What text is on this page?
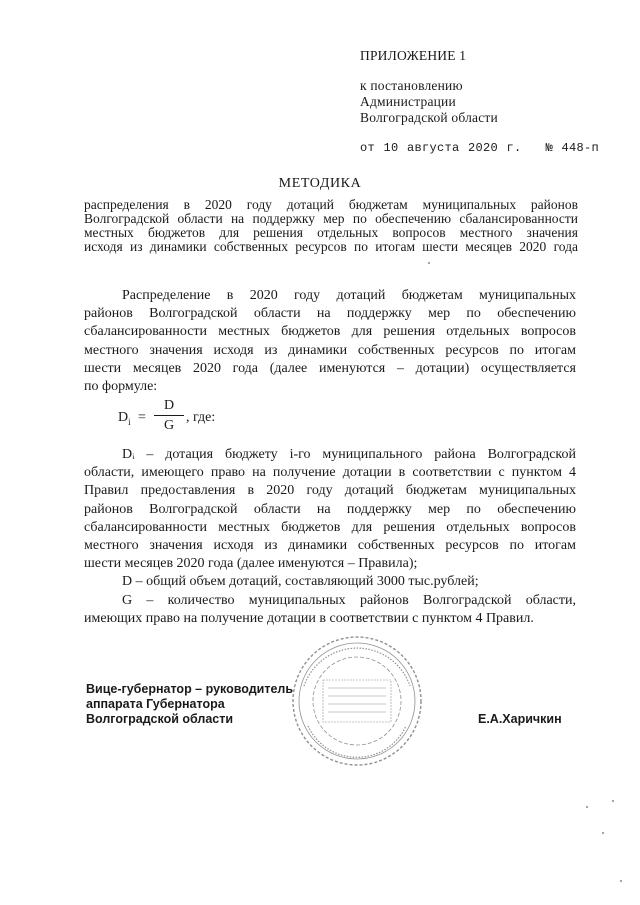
ПРИЛОЖЕНИЕ 1
к постановлению
Администрации
Волгоградской области
от 10 августа 2020 г. № 448-п
МЕТОДИКА
распределения в 2020 году дотаций бюджетам муниципальных районов
Волгоградской области на поддержку мер по обеспечению сбалансированности
местных бюджетов для решения отдельных вопросов местного значения
исходя из динамики собственных ресурсов по итогам шести месяцев 2020 года

Распределение в 2020 году дотаций бюджетам муниципальных
районов Волгоградской области на поддержку мер по обеспечению
сбалансированности местных бюджетов для решения отдельных вопросов
местного значения исходя из динамики собственных ресурсов по итогам
шести месяцев 2020 года (далее именуются – дотации) осуществляется
по формуле:

$D_i$ =
D
G
, где:

Dᵢ – дотация бюджету i-го муниципального района Волгоградской
области, имеющего право на получение дотации в соответствии с пунктом 4
Правил предоставления в 2020 году дотаций бюджетам муниципальных
районов Волгоградской области на поддержку мер по обеспечению
сбалансированности местных бюджетов для решения отдельных вопросов
местного значения исходя из динамики собственных ресурсов по итогам
шести месяцев 2020 года (далее именуются – Правила);

D – общий объем дотаций, составляющий 3000 тыс.рублей;

G – количество муниципальных районов Волгоградской области,
имеющих право на получение дотации в соответствии с пунктом 4 Правил.

Вице-губернатор – руководитель
аппарата Губернатора
Волгоградской области	Е.А.Харичкин
